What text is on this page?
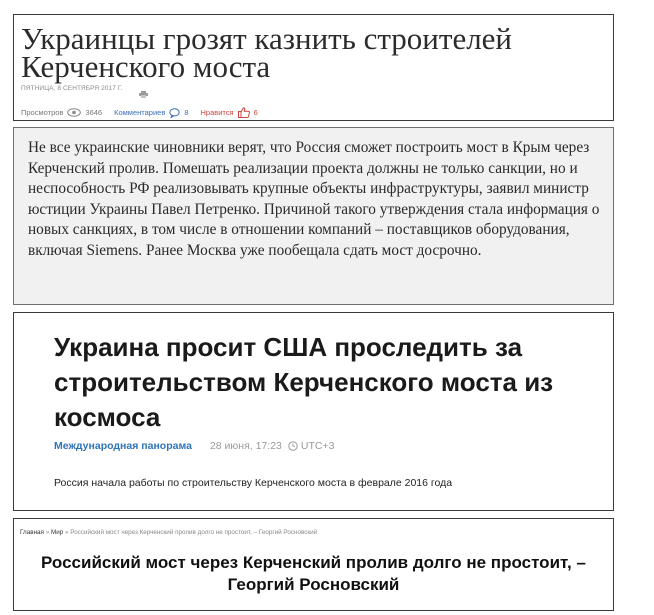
Украинцы грозят казнить строителей Керченского моста
ПЯТНИЦА, 8 СЕНТЯБРЯ 2017 Г.
Просмотров	3646 Комментариев	8 Нравится	6

Не все украинские чиновники верят, что Россия сможет построить мост в Крым через Керченский пролив. Помешать реализации проекта должны не только санкции, но и неспособность РФ реализовывать крупные объекты инфраструктуры, заявил министр юстиции Украины Павел Петренко. Причиной такого утверждения стала информация о новых санкциях, в том числе в отношении компаний – поставщиков оборудования, включая Siemens. Ранее Москва уже пообещала сдать мост досрочно.

Украина просит США проследить за строительством Керченского моста из космоса
Международная панорама 28 июня, 17:23 UTC+3
Россия начала работы по строительству Керченского моста в феврале 2016 года
Главная » Мир » Российский мост через Керченский пролив долго не простоит, – Георгий Росновский
Российский мост через Керченский пролив долго не простоит, – Георгий Росновский
